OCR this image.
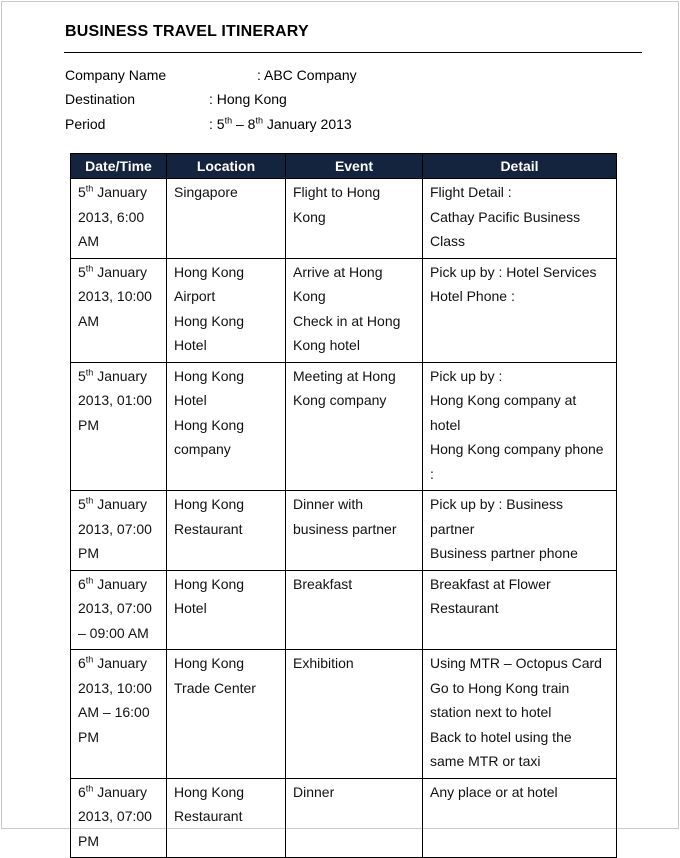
BUSINESS TRAVEL ITINERARY
Company Name	: ABC Company
Destination	: Hong Kong
Period	: 5th – 8th January 2013
Date/Time	Location	Event	Detail

5th January
2013, 6:00
AM	Singapore	Flight to Hong
Kong	Flight Detail :
Cathay Pacific Business
Class

5th January
2013, 10:00
AM	Hong Kong
Airport
Hong Kong
Hotel	Arrive at Hong
Kong
Check in at Hong
Kong hotel	Pick up by : Hotel Services
Hotel Phone :

5th January
2013, 01:00
PM	Hong Kong
Hotel
Hong Kong
company	Meeting at Hong
Kong company	Pick up by :
Hong Kong company at
hotel
Hong Kong company phone
:

5th January
2013, 07:00
PM	Hong Kong
Restaurant	Dinner with
business partner	Pick up by : Business
partner
Business partner phone

6th January
2013, 07:00
– 09:00 AM	Hong Kong
Hotel	Breakfast	Breakfast at Flower
Restaurant

6th January
2013, 10:00
AM – 16:00
PM	Hong Kong
Trade Center	Exhibition	Using MTR – Octopus Card
Go to Hong Kong train
station next to hotel
Back to hotel using the
same MTR or taxi

6th January
2013, 07:00
PM	Hong Kong
Restaurant	Dinner	Any place or at hotel
